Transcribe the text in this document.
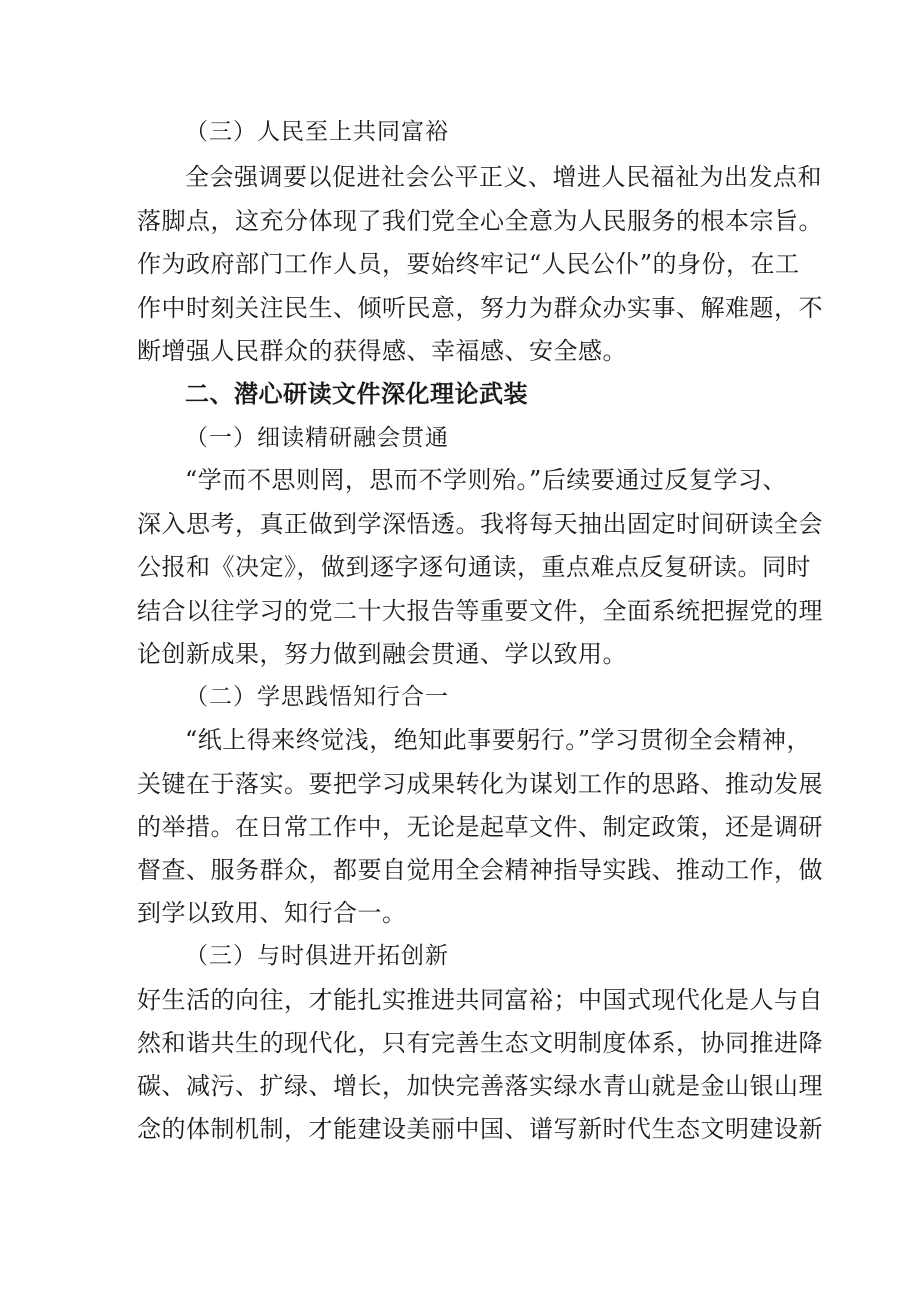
（三）人民至上共同富裕
全会强调要以促进社会公平正义、增进人民福祉为出发点和
落脚点，这充分体现了我们党全心全意为人民服务的根本宗旨。
作为政府部门工作人员，要始终牢记“人民公仆”的身份，在工
作中时刻关注民生、倾听民意，努力为群众办实事、解难题，不
断增强人民群众的获得感、幸福感、安全感。
二、潜心研读文件深化理论武装
（一）细读精研融会贯通
“学而不思则罔，思而不学则殆。”后续要通过反复学习、
深入思考，真正做到学深悟透。我将每天抽出固定时间研读全会
公报和《决定》，做到逐字逐句通读，重点难点反复研读。同时
结合以往学习的党二十大报告等重要文件，全面系统把握党的理
论创新成果，努力做到融会贯通、学以致用。
（二）学思践悟知行合一
“纸上得来终觉浅，绝知此事要躬行。”学习贯彻全会精神，
关键在于落实。要把学习成果转化为谋划工作的思路、推动发展
的举措。在日常工作中，无论是起草文件、制定政策，还是调研
督查、服务群众，都要自觉用全会精神指导实践、推动工作，做
到学以致用、知行合一。
（三）与时俱进开拓创新
好生活的向往，才能扎实推进共同富裕；中国式现代化是人与自
然和谐共生的现代化，只有完善生态文明制度体系，协同推进降
碳、减污、扩绿、增长，加快完善落实绿水青山就是金山银山理
念的体制机制，才能建设美丽中国、谱写新时代生态文明建设新
